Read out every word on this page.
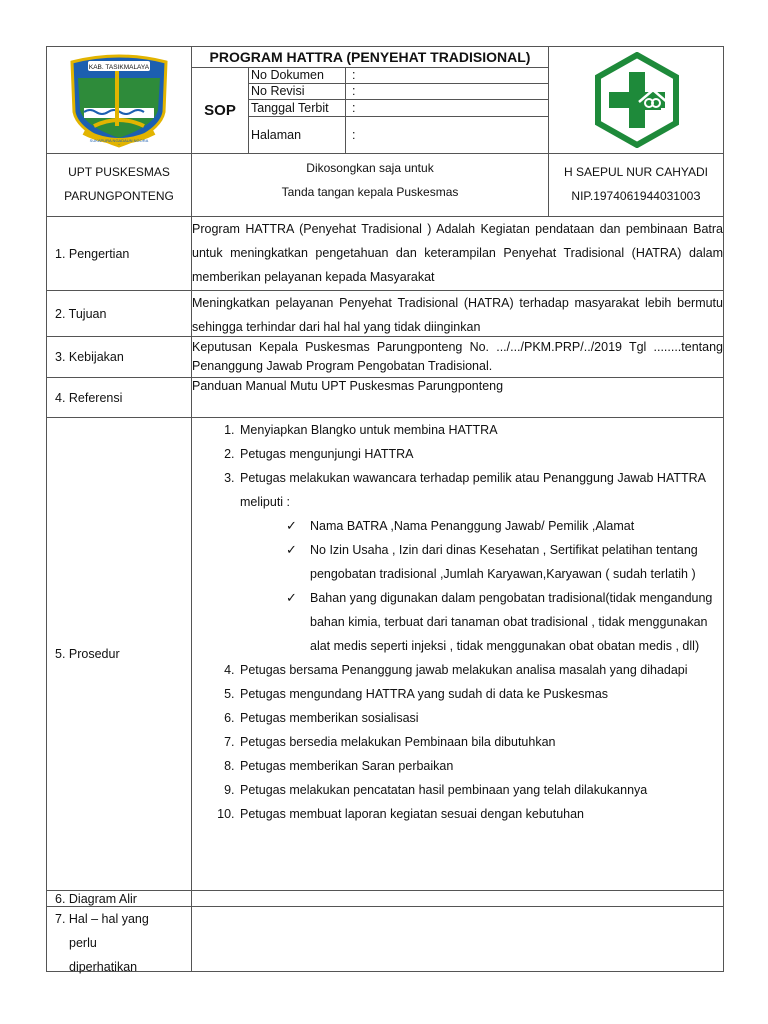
KAB. TASIKMALAYA
SUKAPURA NGADAUN NGORA
PROGRAM HATTRA (PENYEHAT TRADISIONAL)
SOP
No Dokumen	:
No Revisi	:
Tanggal Terbit	:
Halaman	:
UPT PUSKESMAS
PARUNGPONTENG
Dikosongkan saja untuk
Tanda tangan kepala Puskesmas
H SAEPUL NUR CAHYADI
NIP.197406194403100З
1. Pengertian

Program HATTRA (Penyehat Tradisional ) Adalah Kegiatan pendataan dan pembinaan Batra untuk meningkatkan pengetahuan dan keterampilan Penyehat Tradisional (HATRA) dalam memberikan pelayanan kepada Masyarakat

2. Tujuan

Meningkatkan pelayanan Penyehat Tradisional (HATRA) terhadap masyarakat lebih bermutu sehingga terhindar dari hal hal yang tidak diinginkan

3. Kebijakan

Keputusan Kepala Puskesmas Parungponteng No. .../.../PKM.PRP/../2019 Tgl ........tentang Penanggung Jawab Program Pengobatan Tradisional.

4. Referensi

Panduan Manual Mutu UPT Puskesmas Parungponteng

5. Prosedur
1. Menyiapkan Blangko untuk membina HATTRA
2. Petugas mengunjungi HATTRA
3. Petugas melakukan wawancara terhadap pemilik atau Penanggung Jawab HATTRA meliputi :
✓ Nama BATRA ,Nama Penanggung Jawab/ Pemilik ,Alamat
✓ No Izin Usaha , Izin dari dinas Kesehatan , Sertifikat pelatihan tentang pengobatan tradisional ,Jumlah Karyawan,Karyawan ( sudah terlatih )
✓ Bahan yang digunakan dalam pengobatan tradisional(tidak mengandung bahan kimia, terbuat dari tanaman obat tradisional , tidak menggunakan alat medis seperti injeksi , tidak menggunakan obat obatan medis , dll)
4. Petugas bersama Penanggung jawab melakukan analisa masalah yang dihadapi
5. Petugas mengundang HATTRA yang sudah di data ke Puskesmas
6. Petugas memberikan sosialisasi
7. Petugas bersedia melakukan Pembinaan bila dibutuhkan
8. Petugas memberikan Saran perbaikan
9. Petugas melakukan pencatatan hasil pembinaan yang telah dilakukannya
10. Petugas membuat laporan kegiatan sesuai dengan kebutuhan
6. Diagram Alir
7. Hal – hal yang
perlu
diperhatikan
